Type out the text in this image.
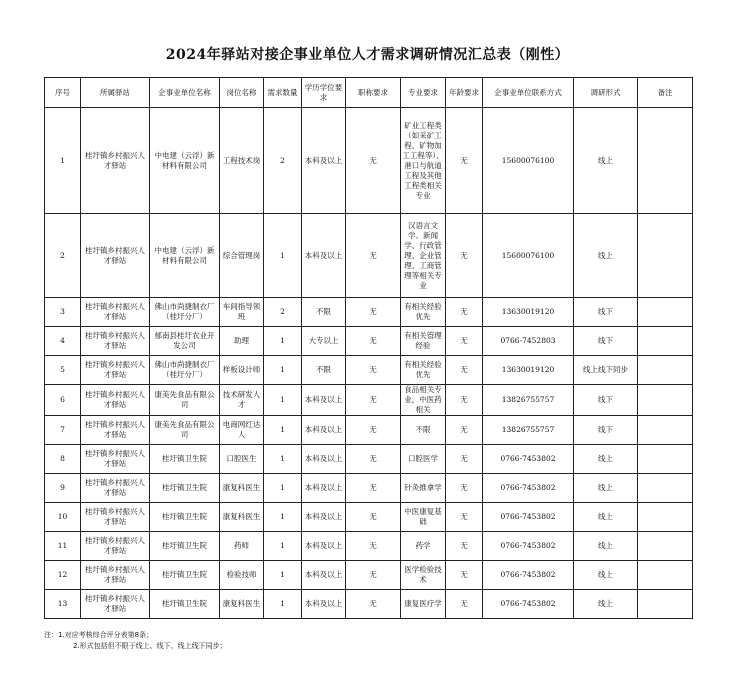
2024年驿站对接企事业单位人才需求调研情况汇总表（刚性）
序号	所属驿站	企事业单位名称	岗位名称	需求数量	学历学位要求	职称要求	专业要求	年龄要求	企事业单位联系方式	调研形式	备注
1	桂圩镇乡村振兴人才驿站	中电建（云浮）新材料有限公司	工程技术岗	2	本科及以上	无	矿业工程类（如采矿工程、矿物加工工程等）、港口与航道工程及其他工程类相关专业	无	15600076100	线上	
2	桂圩镇乡村振兴人才驿站	中电建（云浮）新材料有限公司	综合管理岗	1	本科及以上	无	汉语言文学、新闻学、行政管理、企业管理、工商管理等相关专业	无	15600076100	线上	
3	桂圩镇乡村振兴人才驿站	佛山市尚捷制衣厂（桂圩分厂）	车间指导领班	2	不限	无	有相关经验优先	无	13630019120	线下	
4	桂圩镇乡村振兴人才驿站	郁南县桂圩农业开发公司	助理	1	大专以上	无	有相关管理经验	无	0766-7452803	线下	
5	桂圩镇乡村振兴人才驿站	佛山市尚捷制衣厂（桂圩分厂）	样板设计师	1	不限	无	有相关经验优先	无	13630019120	线上线下同步	
6	桂圩镇乡村振兴人才驿站	康美先食品有限公司	技术研发人才	1	本科及以上	无	食品相关专业，中医药相关	无	13826755757	线下	
7	桂圩镇乡村振兴人才驿站	康美先食品有限公司	电商网红达人	1	本科及以上	无	不限	无	13826755757	线下	
8	桂圩镇乡村振兴人才驿站	桂圩镇卫生院	口腔医生	1	本科及以上	无	口腔医学	无	0766-7453802	线上	
9	桂圩镇乡村振兴人才驿站	桂圩镇卫生院	康复科医生	1	本科及以上	无	针灸推拿学	无	0766-7453802	线上	
10	桂圩镇乡村振兴人才驿站	桂圩镇卫生院	康复科医生	1	本科及以上	无	中医康复基础	无	0766-7453802	线上	
11	桂圩镇乡村振兴人才驿站	桂圩镇卫生院	药师	1	本科及以上	无	药学	无	0766-7453802	线上	
12	桂圩镇乡村振兴人才驿站	桂圩镇卫生院	检验技师	1	本科及以上	无	医学检验技术	无	0766-7453802	线上	
13	桂圩镇乡村振兴人才驿站	桂圩镇卫生院	康复科医生	1	本科及以上	无	康复医疗学	无	0766-7453802	线上	
注：1.对应考核综合评分表第8条；
2.形式包括但不限于线上、线下、线上线下同步；
